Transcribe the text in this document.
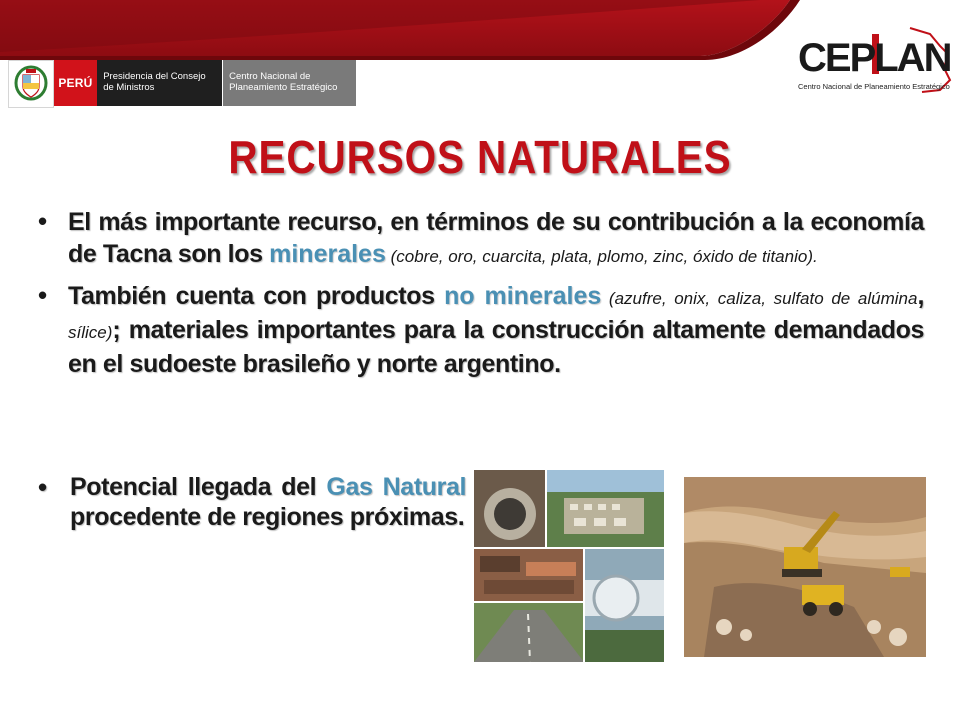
PERÚ	Presidencia del Consejo de Ministros
Centro Nacional de Planeamiento Estratégico
CEPLAN
Centro Nacional de Planeamiento Estratégico
RECURSOS NATURALES
• El más importante recurso, en términos de su contribución a la economía de Tacna son los minerales (cobre, oro, cuarcita, plata, plomo, zinc, óxido de titanio).
• También cuenta con productos no minerales (azufre, onix, caliza, sulfato de alúmina, sílice); materiales importantes para la construcción altamente demandados en el sudoeste brasileño y norte argentino.
• Potencial llegada del Gas Natural procedente de regiones próximas.
